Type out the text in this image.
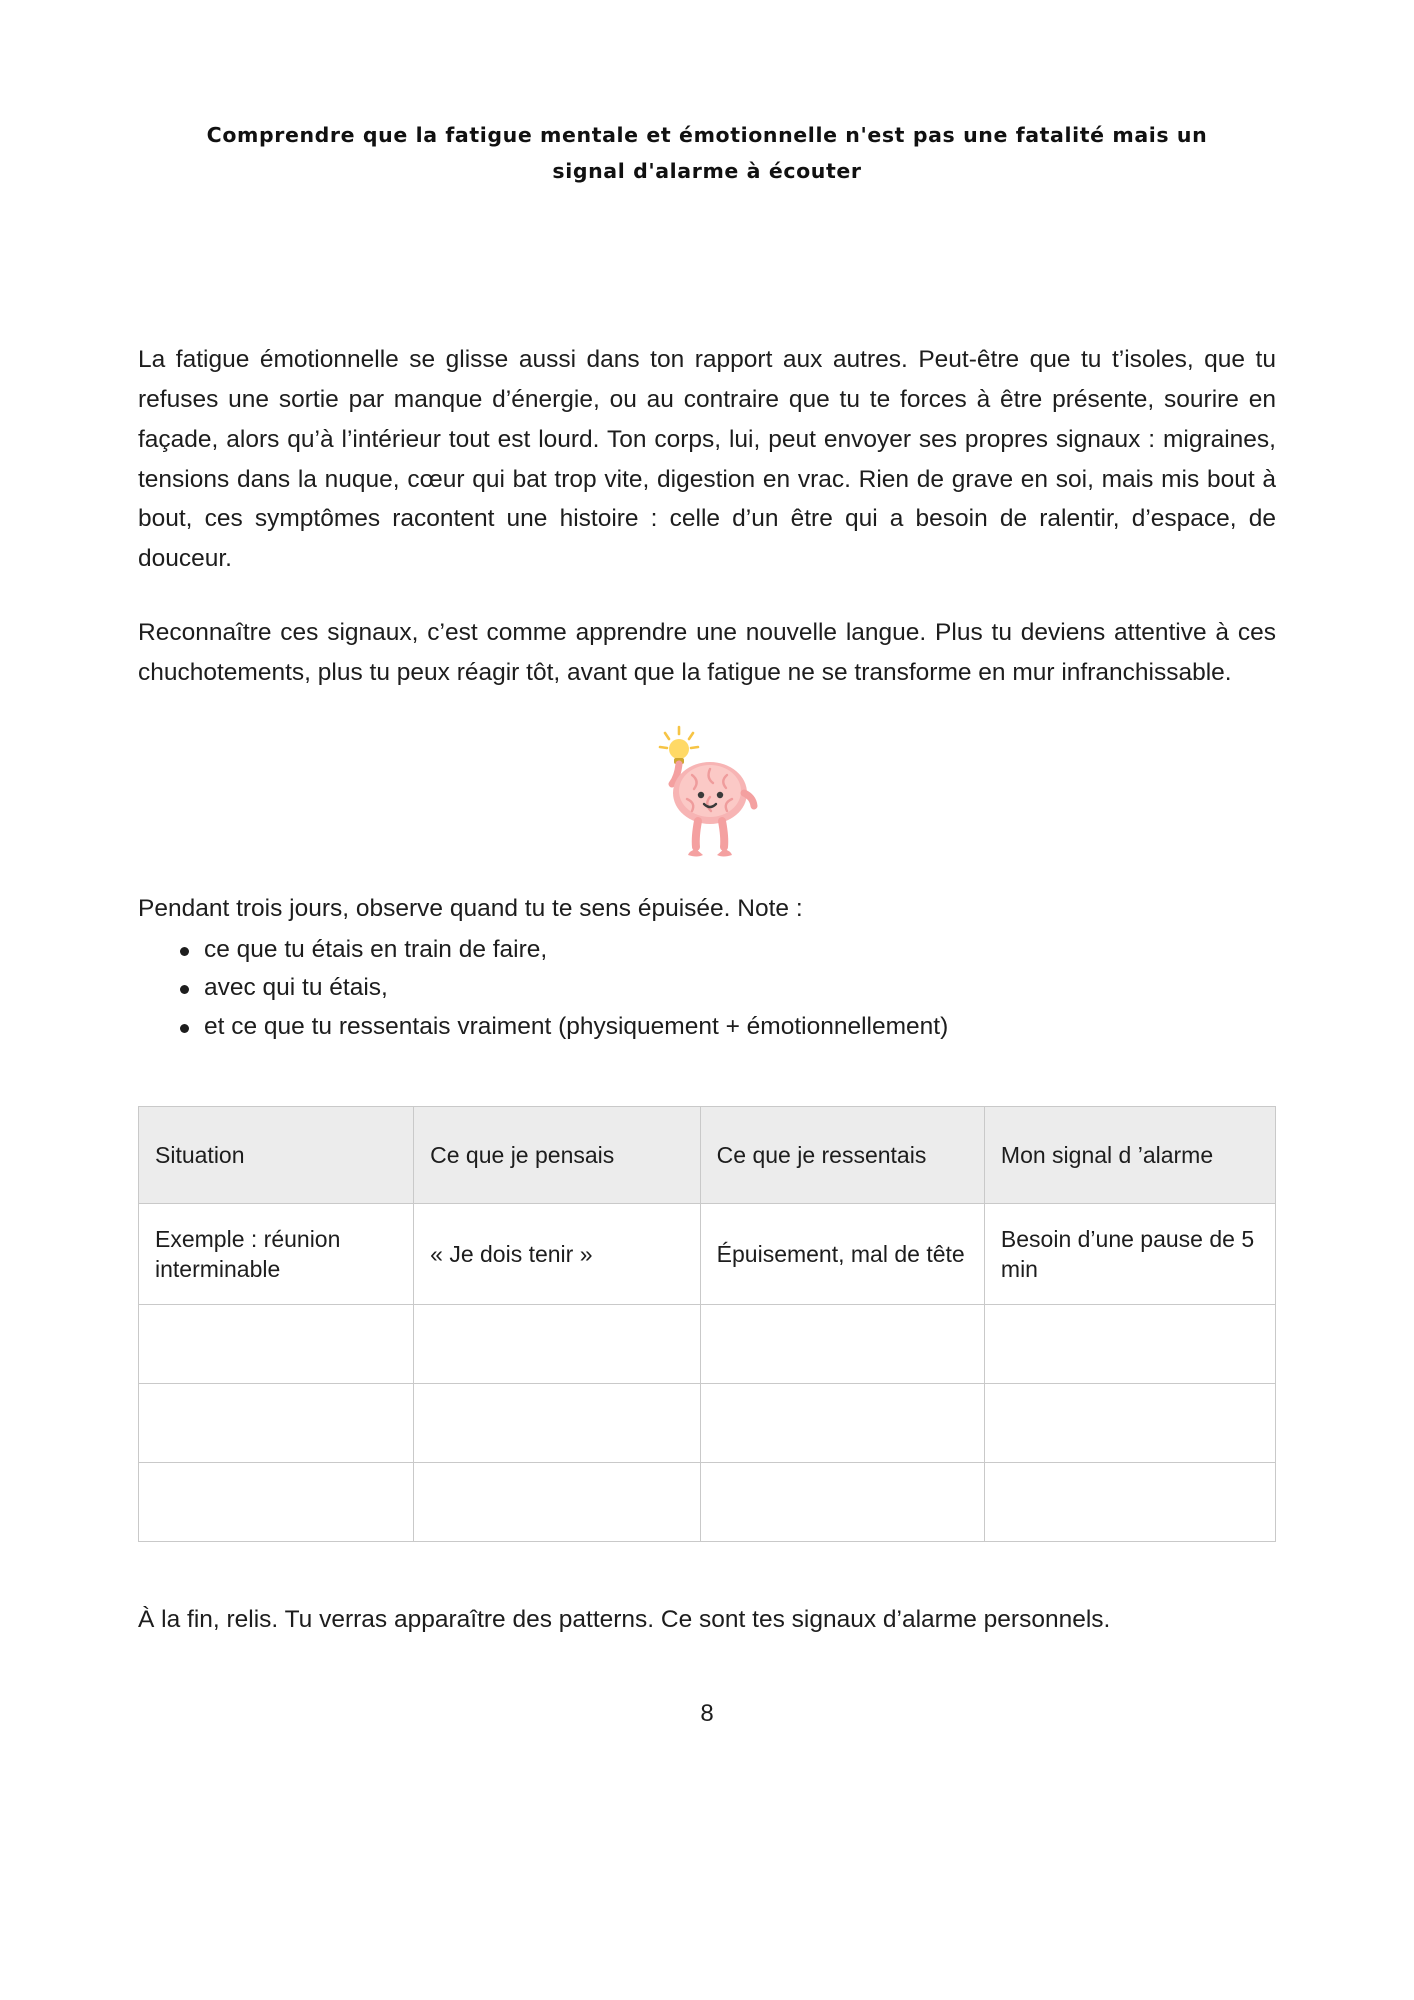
Comprendre que la fatigue mentale et émotionnelle n'est pas une fatalité mais un signal d'alarme à écouter

La fatigue émotionnelle se glisse aussi dans ton rapport aux autres. Peut-être que tu t’isoles, que tu refuses une sortie par manque d’énergie, ou au contraire que tu te forces à être présente, sourire en façade, alors qu’à l’intérieur tout est lourd. Ton corps, lui, peut envoyer ses propres signaux : migraines, tensions dans la nuque, cœur qui bat trop vite, digestion en vrac. Rien de grave en soi, mais mis bout à bout, ces symptômes racontent une histoire : celle d’un être qui a besoin de ralentir, d’espace, de douceur.

Reconnaître ces signaux, c’est comme apprendre une nouvelle langue. Plus tu deviens attentive à ces chuchotements, plus tu peux réagir tôt, avant que la fatigue ne se transforme en mur infranchissable.

Pendant trois jours, observe quand tu te sens épuisée. Note :

ce que tu étais en train de faire,
avec qui tu étais,
et ce que tu ressentais vraiment (physiquement + émotionnellement)
Situation	Ce que je pensais	Ce que je ressentais	Mon signal d ’alarme
Exemple : réunion interminable	« Je dois tenir »	Épuisement, mal de tête	Besoin d’une pause de 5 min

À la fin, relis. Tu verras apparaître des patterns. Ce sont tes signaux d’alarme personnels.

8
